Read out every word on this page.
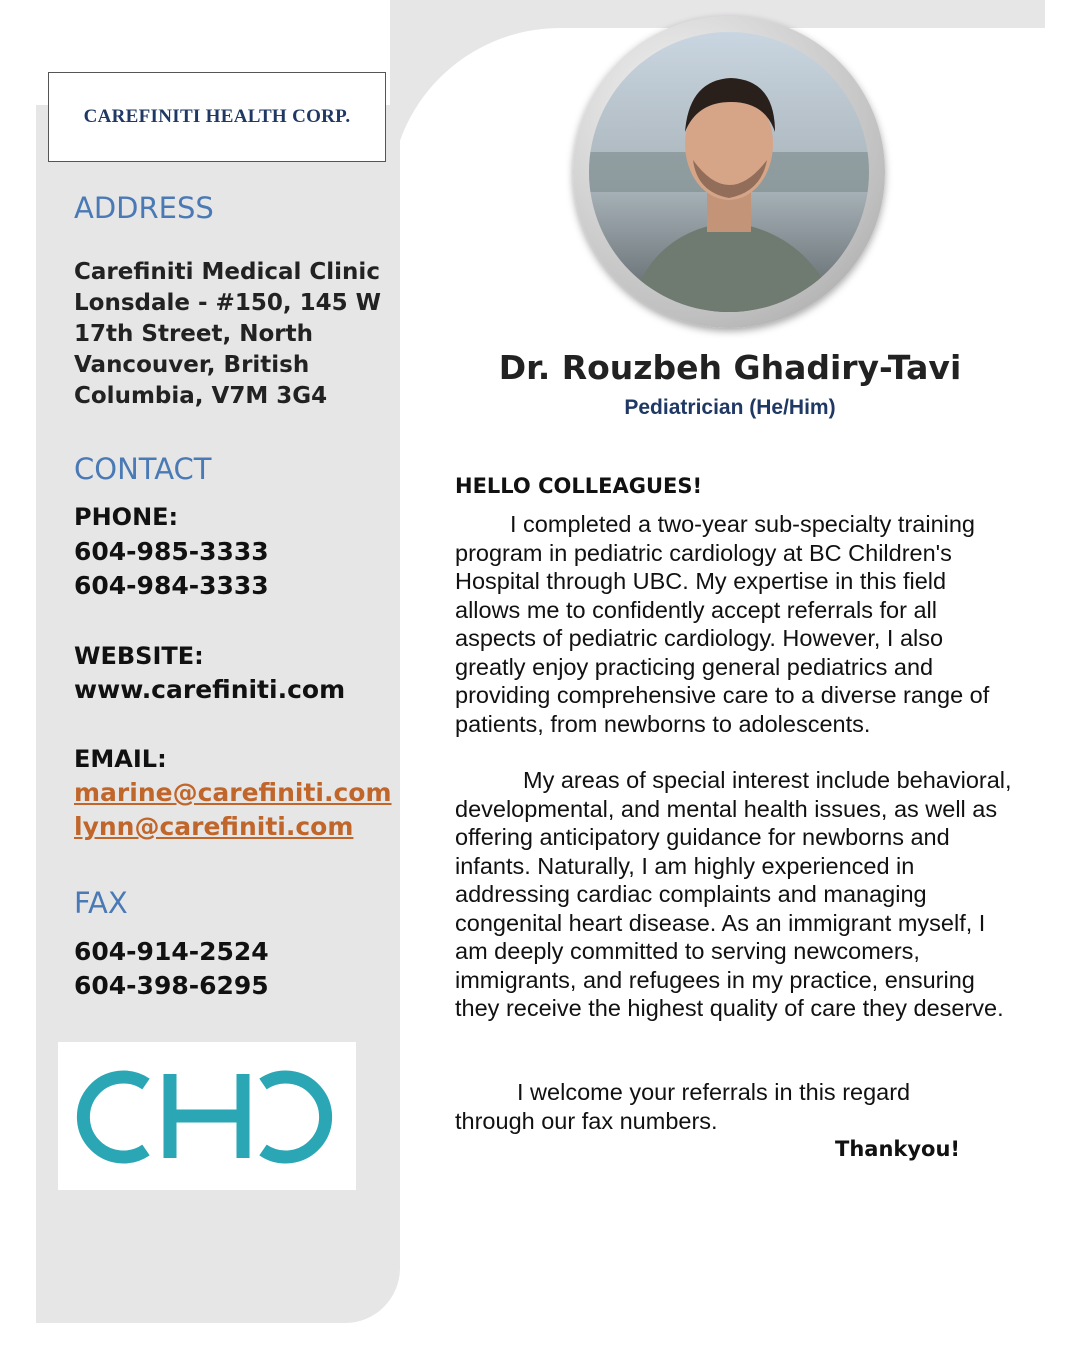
CAREFINITI HEALTH CORP.
ADDRESS
Carefiniti Medical Clinic
Lonsdale - #150, 145 W
17th Street, North
Vancouver, British
Columbia, V7M 3G4
CONTACT
PHONE:
604-985-3333
604-984-3333
WEBSITE:
www.carefiniti.com
EMAIL:
marine@carefiniti.com
lynn@carefiniti.com
FAX
604-914-2524
604-398-6295
Dr. Rouzbeh Ghadiry-Tavi
Pediatrician (He/Him)
HELLO COLLEAGUES!
I completed a two-year sub-specialty training program in pediatric cardiology at BC Children's Hospital through UBC. My expertise in this field allows me to confidently accept referrals for all aspects of pediatric cardiology. However, I also greatly enjoy practicing general pediatrics and providing comprehensive care to a diverse range of patients, from newborns to adolescents.
My areas of special interest include behavioral, developmental, and mental health issues, as well as offering anticipatory guidance for newborns and infants. Naturally, I am highly experienced in addressing cardiac complaints and managing congenital heart disease. As an immigrant myself, I am deeply committed to serving newcomers, immigrants, and refugees in my practice, ensuring they receive the highest quality of care they deserve.
I welcome your referrals in this regard through our fax numbers.
Thankyou!
